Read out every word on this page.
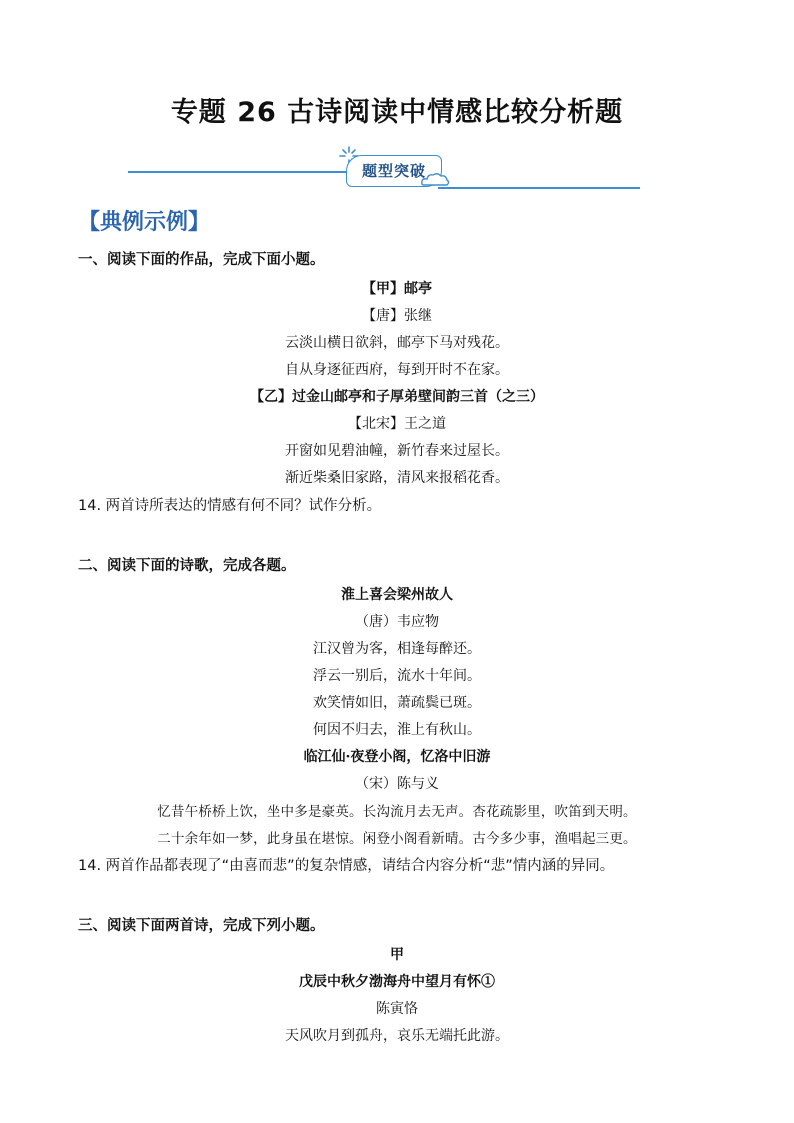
专题 26 古诗阅读中情感比较分析题
题型突破
【典例示例】
一、阅读下面的作品，完成下面小题。
【甲】邮亭
【唐】张继
云淡山横日欲斜，邮亭下马对残花。
自从身逐征西府，每到开时不在家。
【乙】过金山邮亭和子厚弟壁间韵三首（之三）
【北宋】王之道
开窗如见碧油幢，新竹春来过屋长。
渐近柴桑旧家路，清风来报稻花香。
14. 两首诗所表达的情感有何不同？试作分析。
二、阅读下面的诗歌，完成各题。
淮上喜会梁州故人
（唐）韦应物
江汉曾为客，相逢每醉还。
浮云一别后，流水十年间。
欢笑情如旧，萧疏鬓已斑。
何因不归去，淮上有秋山。
临江仙·夜登小阁，忆洛中旧游
（宋）陈与义
忆昔午桥桥上饮，坐中多是豪英。长沟流月去无声。杏花疏影里，吹笛到天明。
二十余年如一梦，此身虽在堪惊。闲登小阁看新晴。古今多少事，渔唱起三更。
14. 两首作品都表现了“由喜而悲”的复杂情感，请结合内容分析“悲”情内涵的异同。
三、阅读下面两首诗，完成下列小题。
甲
戊辰中秋夕渤海舟中望月有怀①
陈寅恪
天风吹月到孤舟，哀乐无端托此游。
